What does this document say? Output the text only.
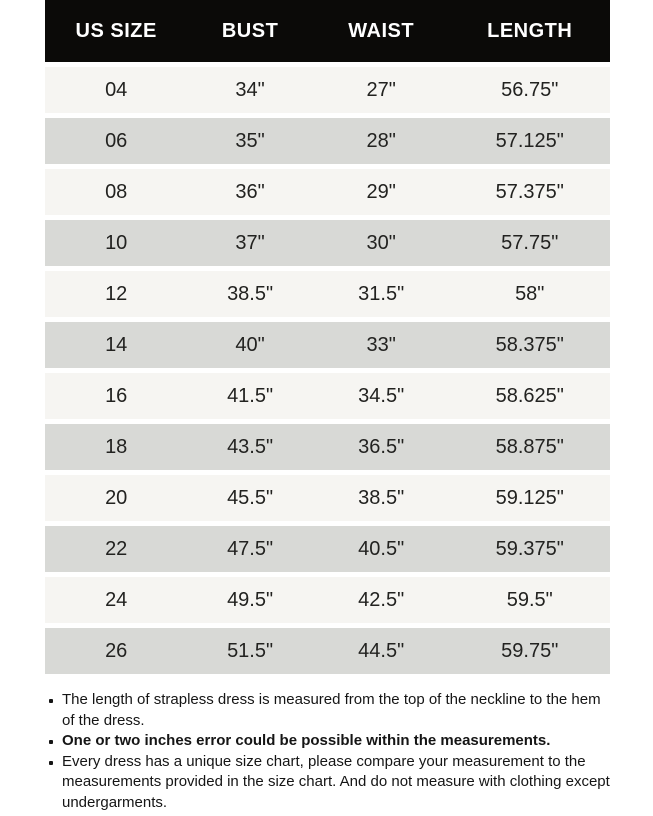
US SIZE	BUST	WAIST	LENGTH
04	34"	27"	56.75"
06	35"	28"	57.125"
08	36"	29"	57.375"
10	37"	30"	57.75"
12	38.5"	31.5"	58"
14	40"	33"	58.375"
16	41.5"	34.5"	58.625"
18	43.5"	36.5"	58.875"
20	45.5"	38.5"	59.125"
22	47.5"	40.5"	59.375"
24	49.5"	42.5"	59.5"
26	51.5"	44.5"	59.75"
The length of strapless dress is measured from the top of the neckline to the hem of the dress.
One or two inches error could be possible within the measurements.
Every dress has a unique size chart, please compare your measurement to the measurements provided in the size chart. And do not measure with clothing except undergarments.
